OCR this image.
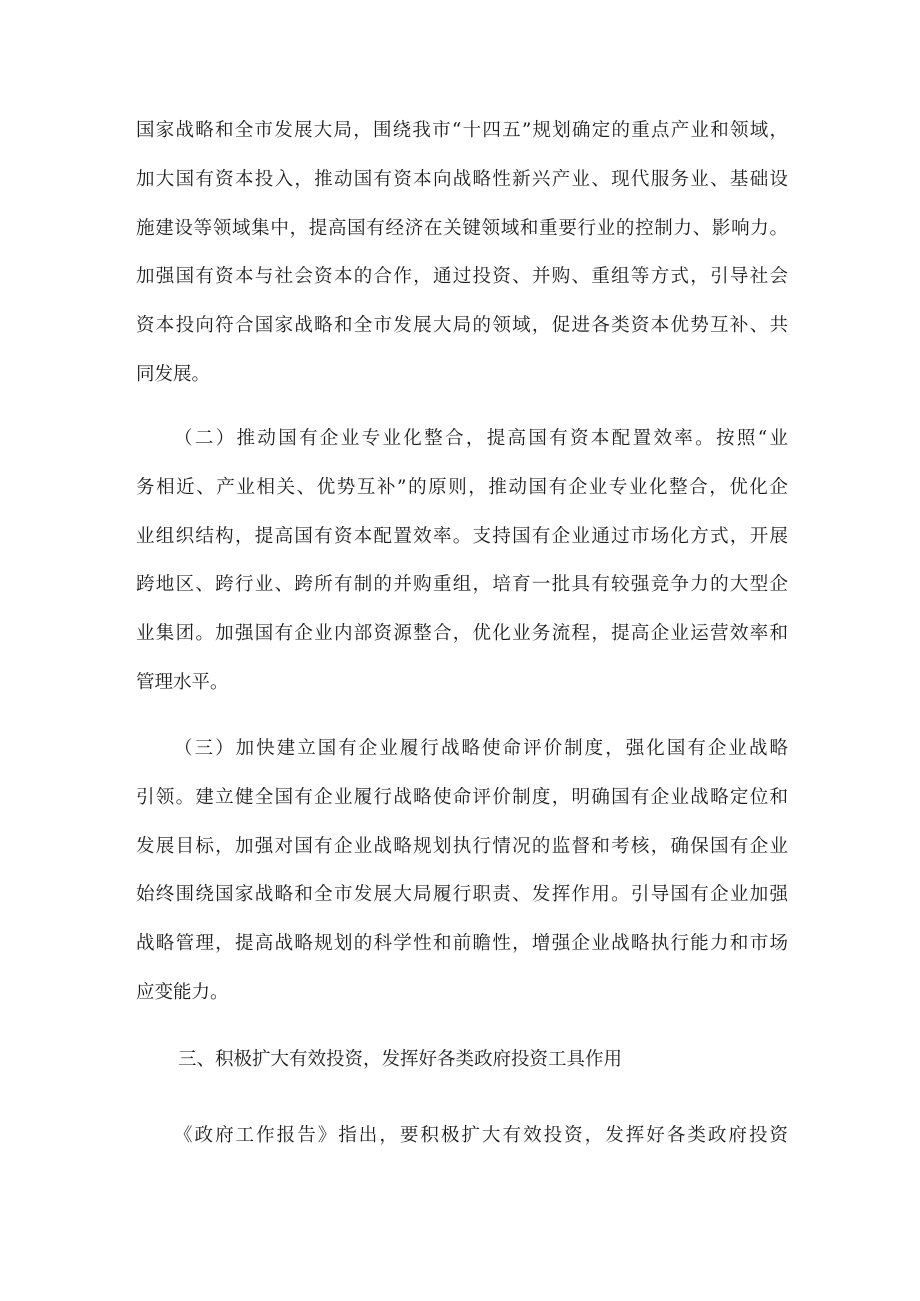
国家战略和全市发展大局，围绕我市“十四五”规划确定的重点产业和领域，
加大国有资本投入，推动国有资本向战略性新兴产业、现代服务业、基础设
施建设等领域集中，提高国有经济在关键领域和重要行业的控制力、影响力。
加强国有资本与社会资本的合作，通过投资、并购、重组等方式，引导社会
资本投向符合国家战略和全市发展大局的领域，促进各类资本优势互补、共
同发展。
（二）推动国有企业专业化整合，提高国有资本配置效率。按照“业
务相近、产业相关、优势互补”的原则，推动国有企业专业化整合，优化企
业组织结构，提高国有资本配置效率。支持国有企业通过市场化方式，开展
跨地区、跨行业、跨所有制的并购重组，培育一批具有较强竞争力的大型企
业集团。加强国有企业内部资源整合，优化业务流程，提高企业运营效率和
管理水平。
（三）加快建立国有企业履行战略使命评价制度，强化国有企业战略
引领。建立健全国有企业履行战略使命评价制度，明确国有企业战略定位和
发展目标，加强对国有企业战略规划执行情况的监督和考核，确保国有企业
始终围绕国家战略和全市发展大局履行职责、发挥作用。引导国有企业加强
战略管理，提高战略规划的科学性和前瞻性，增强企业战略执行能力和市场
应变能力。
三、积极扩大有效投资，发挥好各类政府投资工具作用
《政府工作报告》指出，要积极扩大有效投资，发挥好各类政府投资
